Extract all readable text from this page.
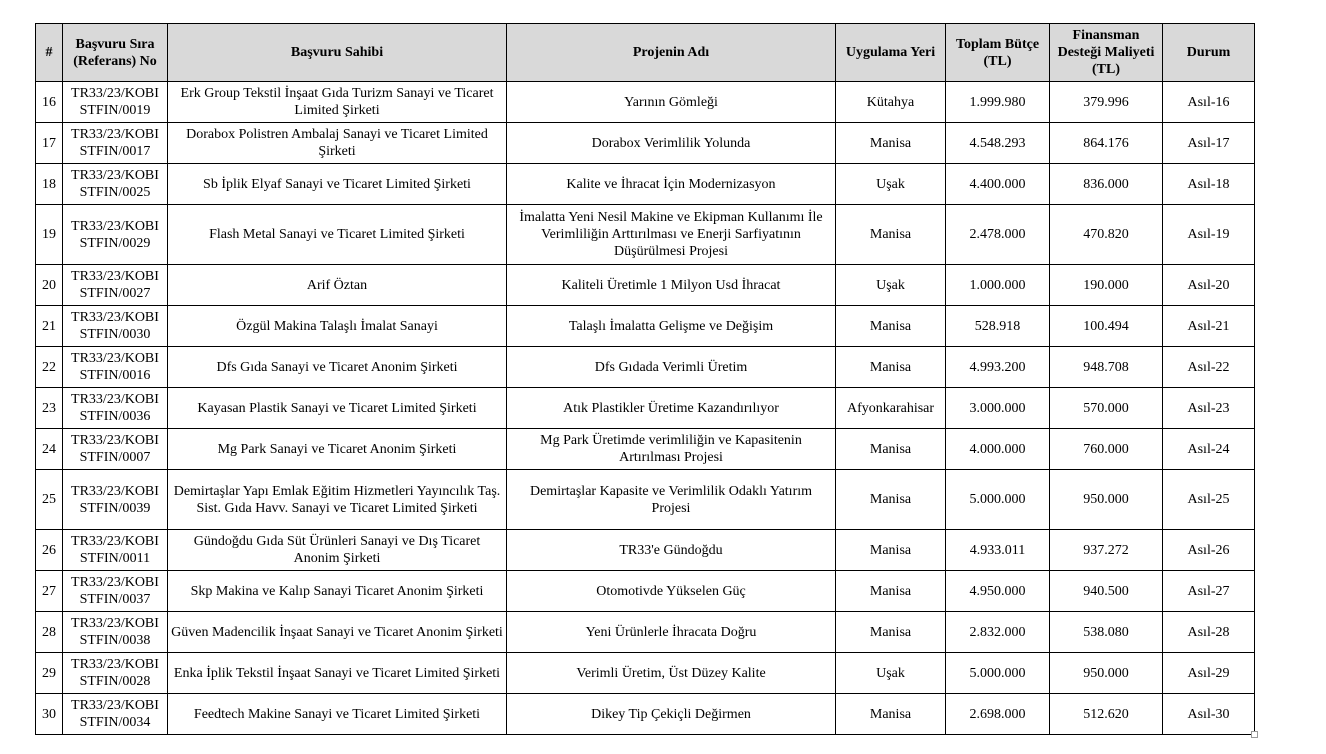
#	Başvuru Sıra (Referans) No	Başvuru Sahibi	Projenin Adı	Uygulama Yeri	Toplam Bütçe (TL)	Finansman Desteği Maliyeti (TL)	Durum
16	TR33/23/KOBI STFIN/0019	Erk Group Tekstil İnşaat Gıda Turizm Sanayi ve Ticaret Limited Şirketi	Yarının Gömleği	Kütahya	1.999.980	379.996	Asıl-16
17	TR33/23/KOBI STFIN/0017	Dorabox Polistren Ambalaj Sanayi ve Ticaret Limited Şirketi	Dorabox Verimlilik Yolunda	Manisa	4.548.293	864.176	Asıl-17
18	TR33/23/KOBI STFIN/0025	Sb İplik Elyaf Sanayi ve Ticaret Limited Şirketi	Kalite ve İhracat İçin Modernizasyon	Uşak	4.400.000	836.000	Asıl-18
19	TR33/23/KOBI STFIN/0029	Flash Metal Sanayi ve Ticaret Limited Şirketi	İmalatta Yeni Nesil Makine ve Ekipman Kullanımı İle Verimliliğin Arttırılması ve Enerji Sarfiyatının Düşürülmesi Projesi	Manisa	2.478.000	470.820	Asıl-19
20	TR33/23/KOBI STFIN/0027	Arif Öztan	Kaliteli Üretimle 1 Milyon Usd İhracat	Uşak	1.000.000	190.000	Asıl-20
21	TR33/23/KOBI STFIN/0030	Özgül Makina Talaşlı İmalat Sanayi	Talaşlı İmalatta Gelişme ve Değişim	Manisa	528.918	100.494	Asıl-21
22	TR33/23/KOBI STFIN/0016	Dfs Gıda Sanayi ve Ticaret Anonim Şirketi	Dfs Gıdada Verimli Üretim	Manisa	4.993.200	948.708	Asıl-22
23	TR33/23/KOBI STFIN/0036	Kayasan Plastik Sanayi ve Ticaret Limited Şirketi	Atık Plastikler Üretime Kazandırılıyor	Afyonkarahisar	3.000.000	570.000	Asıl-23
24	TR33/23/KOBI STFIN/0007	Mg Park Sanayi ve Ticaret Anonim Şirketi	Mg Park Üretimde verimliliğin ve Kapasitenin Artırılması Projesi	Manisa	4.000.000	760.000	Asıl-24
25	TR33/23/KOBI STFIN/0039	Demirtaşlar Yapı Emlak Eğitim Hizmetleri Yayıncılık Taş. Sist. Gıda Havv. Sanayi ve Ticaret Limited Şirketi	Demirtaşlar Kapasite ve Verimlilik Odaklı Yatırım Projesi	Manisa	5.000.000	950.000	Asıl-25
26	TR33/23/KOBI STFIN/0011	Gündoğdu Gıda Süt Ürünleri Sanayi ve Dış Ticaret Anonim Şirketi	TR33'e Gündoğdu	Manisa	4.933.011	937.272	Asıl-26
27	TR33/23/KOBI STFIN/0037	Skp Makina ve Kalıp Sanayi Ticaret Anonim Şirketi	Otomotivde Yükselen Güç	Manisa	4.950.000	940.500	Asıl-27
28	TR33/23/KOBI STFIN/0038	Güven Madencilik İnşaat Sanayi ve Ticaret Anonim Şirketi	Yeni Ürünlerle İhracata Doğru	Manisa	2.832.000	538.080	Asıl-28
29	TR33/23/KOBI STFIN/0028	Enka İplik Tekstil İnşaat Sanayi ve Ticaret Limited Şirketi	Verimli Üretim, Üst Düzey Kalite	Uşak	5.000.000	950.000	Asıl-29
30	TR33/23/KOBI STFIN/0034	Feedtech Makine Sanayi ve Ticaret Limited Şirketi	Dikey Tip Çekiçli Değirmen	Manisa	2.698.000	512.620	Asıl-30
